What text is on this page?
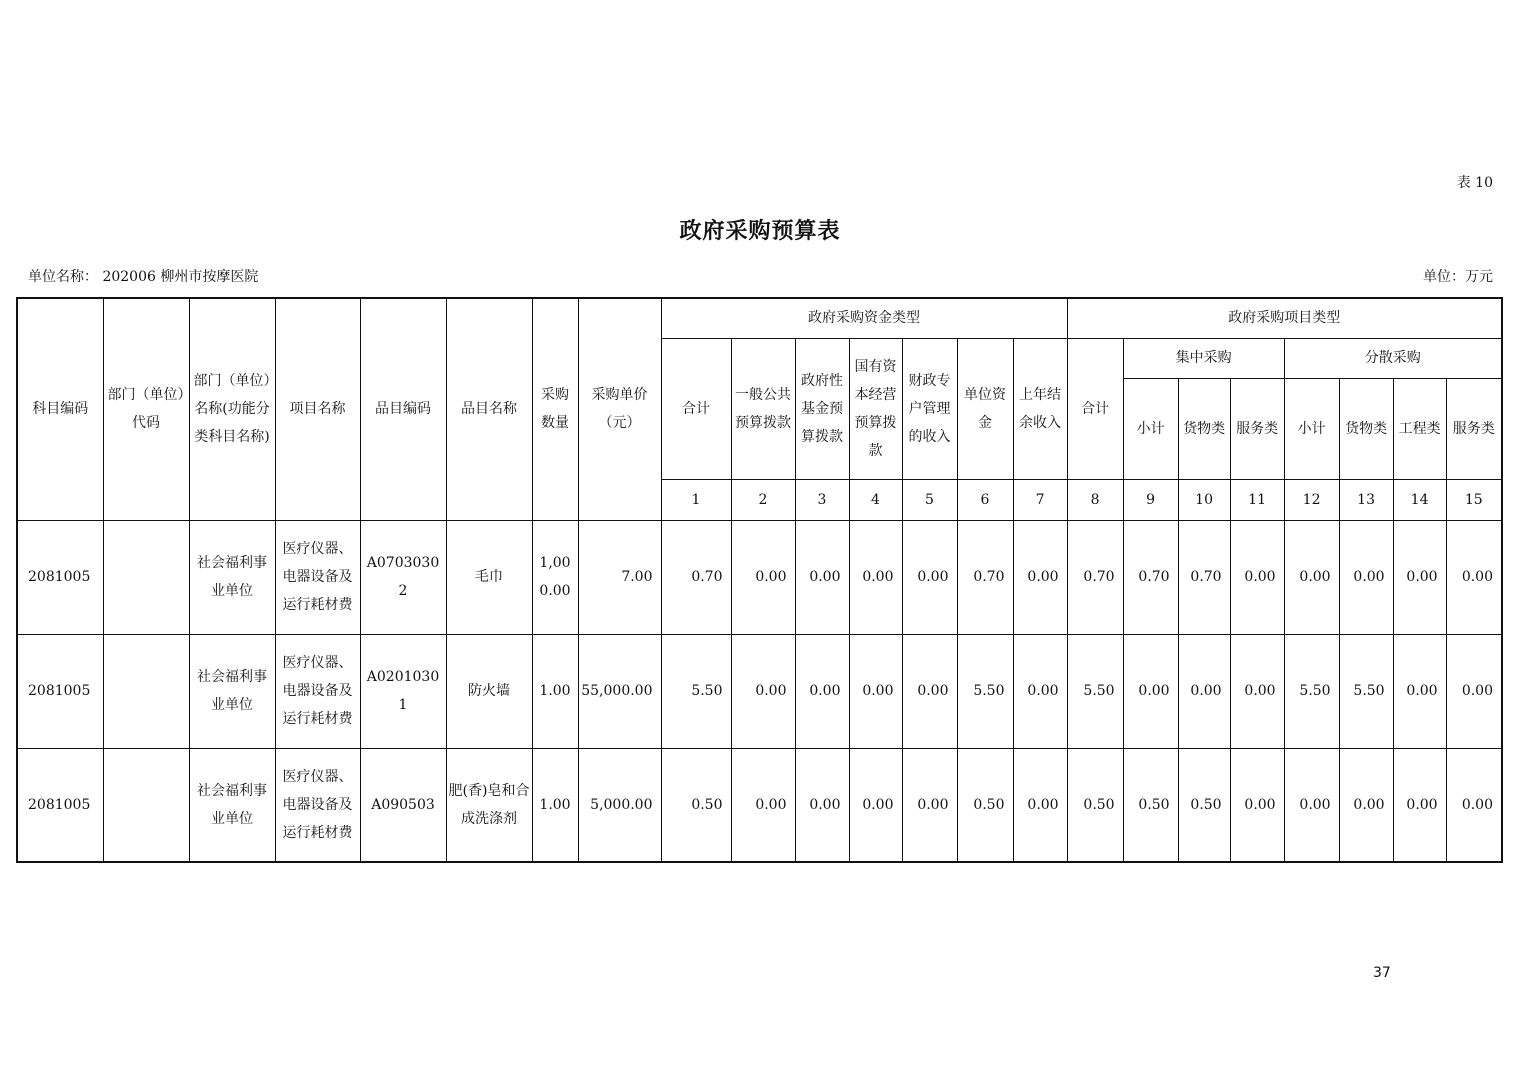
表 10
政府采购预算表
单位名称： 202006 柳州市按摩医院	单位：万元
科目编码	部门（单位）代码	部门（单位）名称(功能分类科目名称)	项目名称	品目编码	品目名称	采购数量	采购单价（元）	政府采购资金类型							政府采购项目类型							
								合计	一般公共预算拨款	政府性基金预算拨款	国有资本经营预算拨款	财政专户管理的收入	单位资金	上年结余收入	合计	集中采购			分散采购			
																小计	货物类	服务类	小计	货物类	工程类	服务类
								1	2	3	4	5	6	7	8	9	10	11	12	13	14	15
2081005		社会福利事业单位	医疗仪器、电器设备及运行耗材费	A07030302	毛巾	1,000.00	7.00	0.70	0.00	0.00	0.00	0.00	0.70	0.00	0.70	0.70	0.70	0.00	0.00	0.00	0.00	0.00
2081005		社会福利事业单位	医疗仪器、电器设备及运行耗材费	A02010301	防火墙	1.00	55,000.00	5.50	0.00	0.00	0.00	0.00	5.50	0.00	5.50	0.00	0.00	0.00	5.50	5.50	0.00	0.00
2081005		社会福利事业单位	医疗仪器、电器设备及运行耗材费	A090503	肥(香)皂和合成洗涤剂	1.00	5,000.00	0.50	0.00	0.00	0.00	0.00	0.50	0.00	0.50	0.50	0.50	0.00	0.00	0.00	0.00	0.00
37
